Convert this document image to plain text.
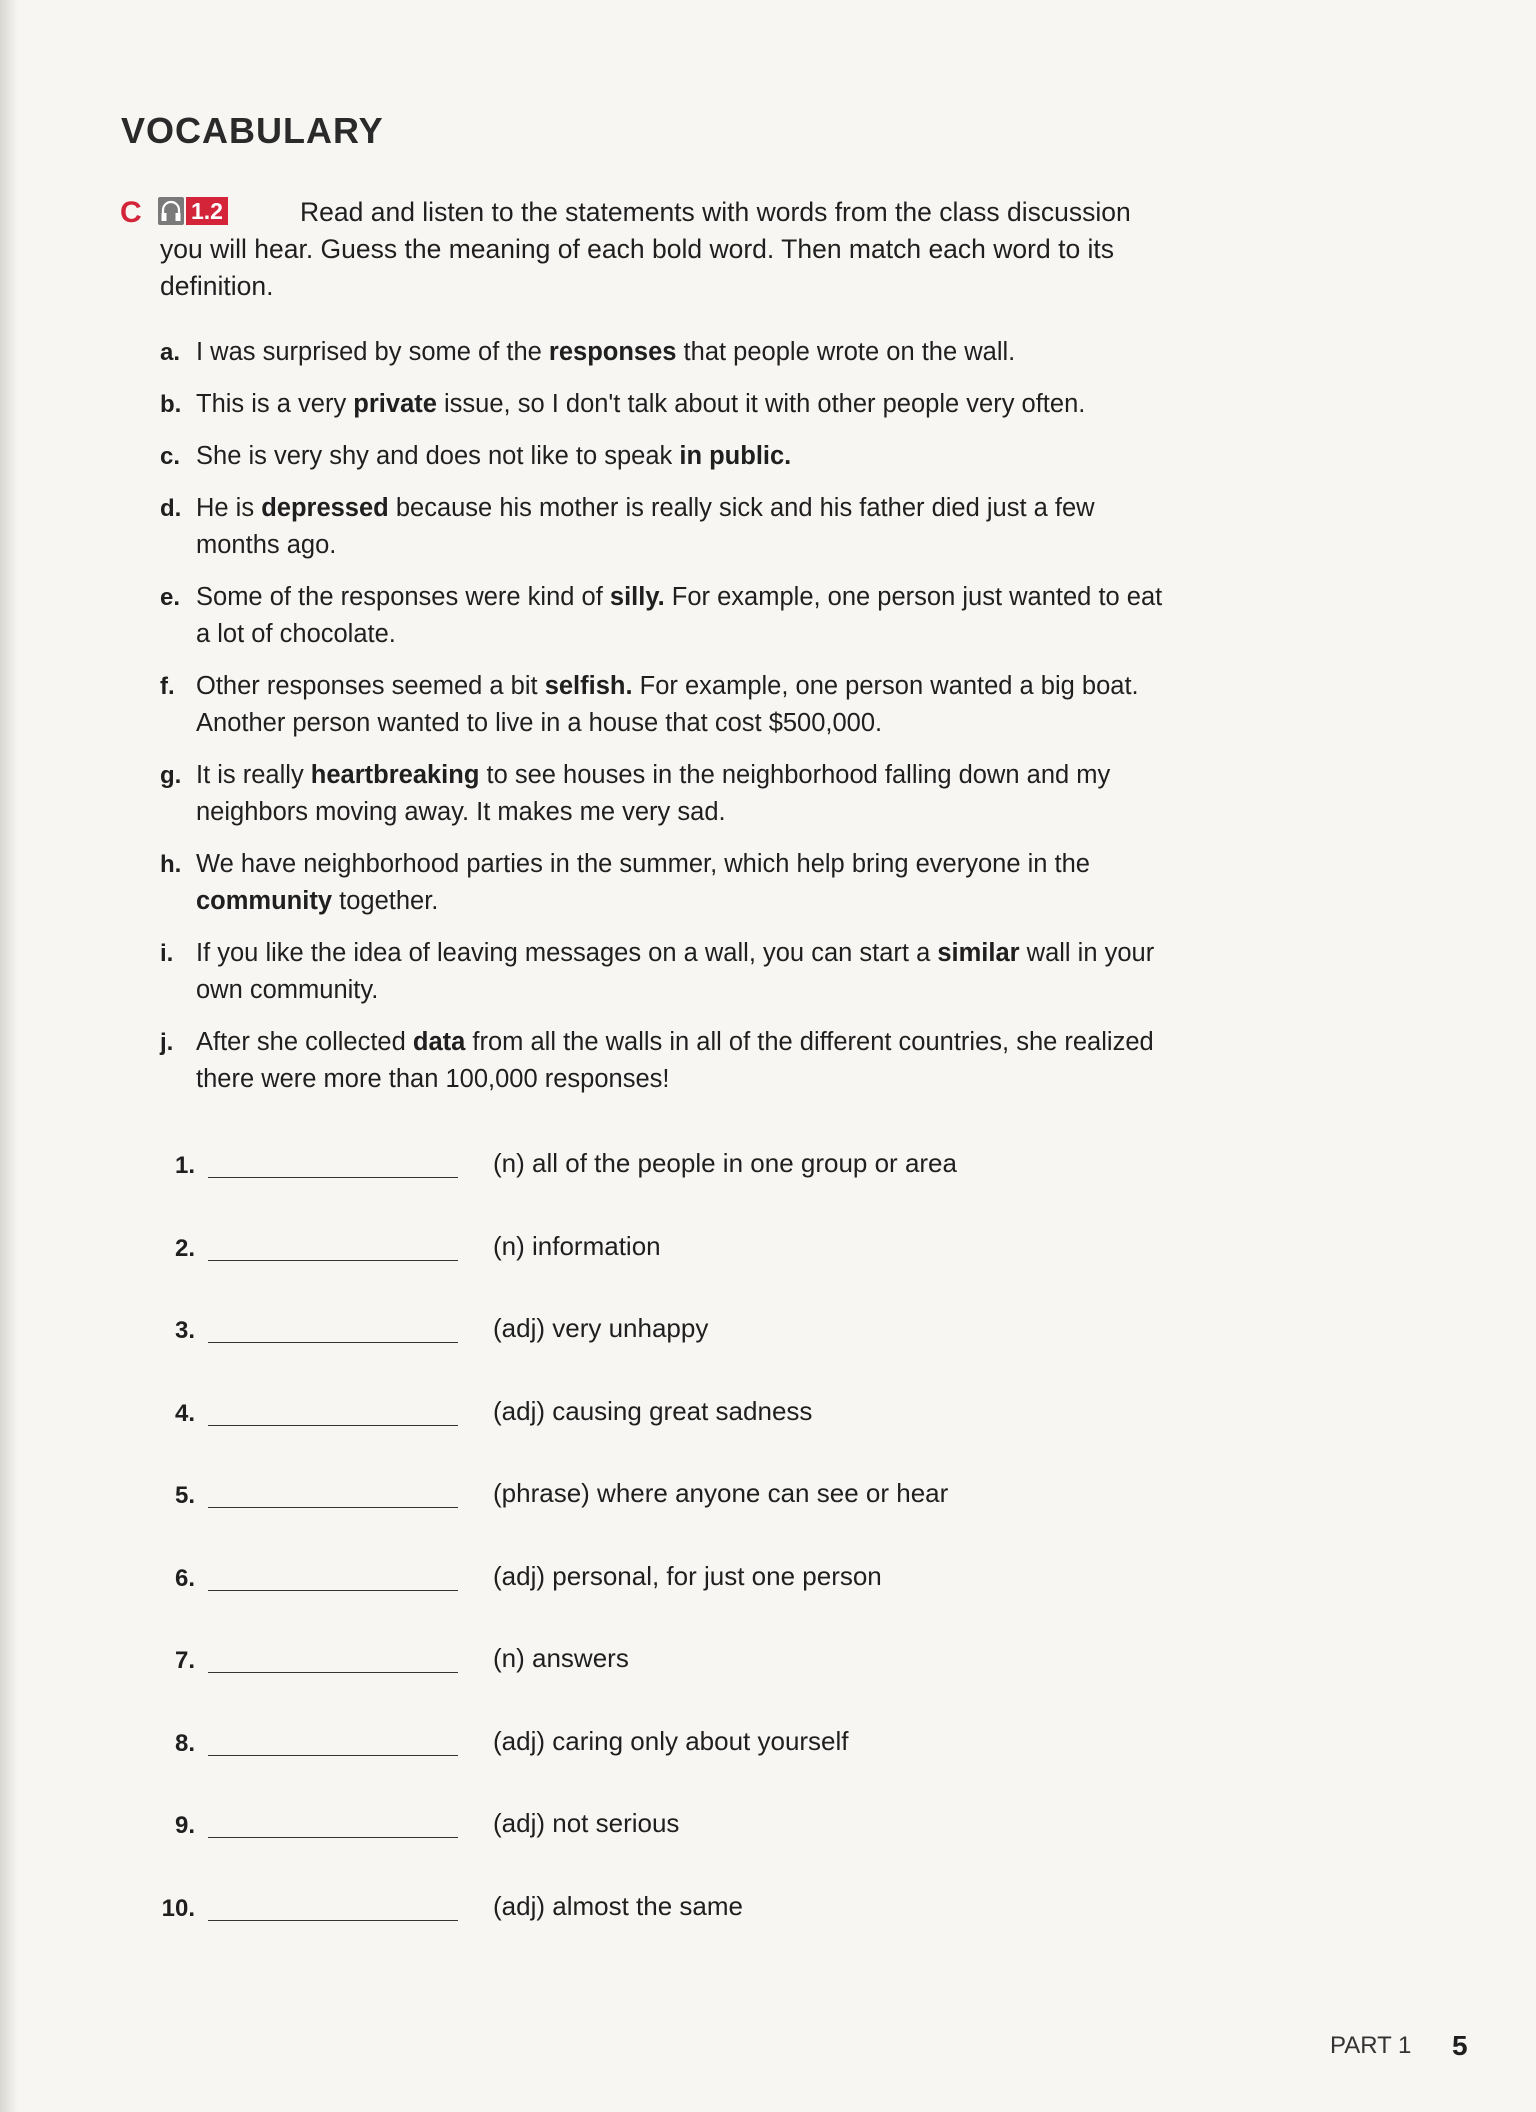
VOCABULARY
C 1.2	Read and listen to the statements with words from the class discussion you will hear. Guess the meaning of each bold word. Then match each word to its definition.

a. I was surprised by some of the responses that people wrote on the wall.
b. This is a very private issue, so I don't talk about it with other people very often.
c. She is very shy and does not like to speak in public.
d. He is depressed because his mother is really sick and his father died just a few months ago.
e. Some of the responses were kind of silly. For example, one person just wanted to eat a lot of chocolate.
f. Other responses seemed a bit selfish. For example, one person wanted a big boat. Another person wanted to live in a house that cost $500,000.
g. It is really heartbreaking to see houses in the neighborhood falling down and my neighbors moving away. It makes me very sad.
h. We have neighborhood parties in the summer, which help bring everyone in the community together.
i. If you like the idea of leaving messages on a wall, you can start a similar wall in your own community.
j. After she collected data from all the walls in all of the different countries, she realized there were more than 100,000 responses!
1.	(n) all of the people in one group or area
2.	(n) information
3.	(adj) very unhappy
4.	(adj) causing great sadness
5.	(phrase) where anyone can see or hear
6.	(adj) personal, for just one person
7.	(n) answers
8.	(adj) caring only about yourself
9.	(adj) not serious
10.	(adj) almost the same
PART 1 5
